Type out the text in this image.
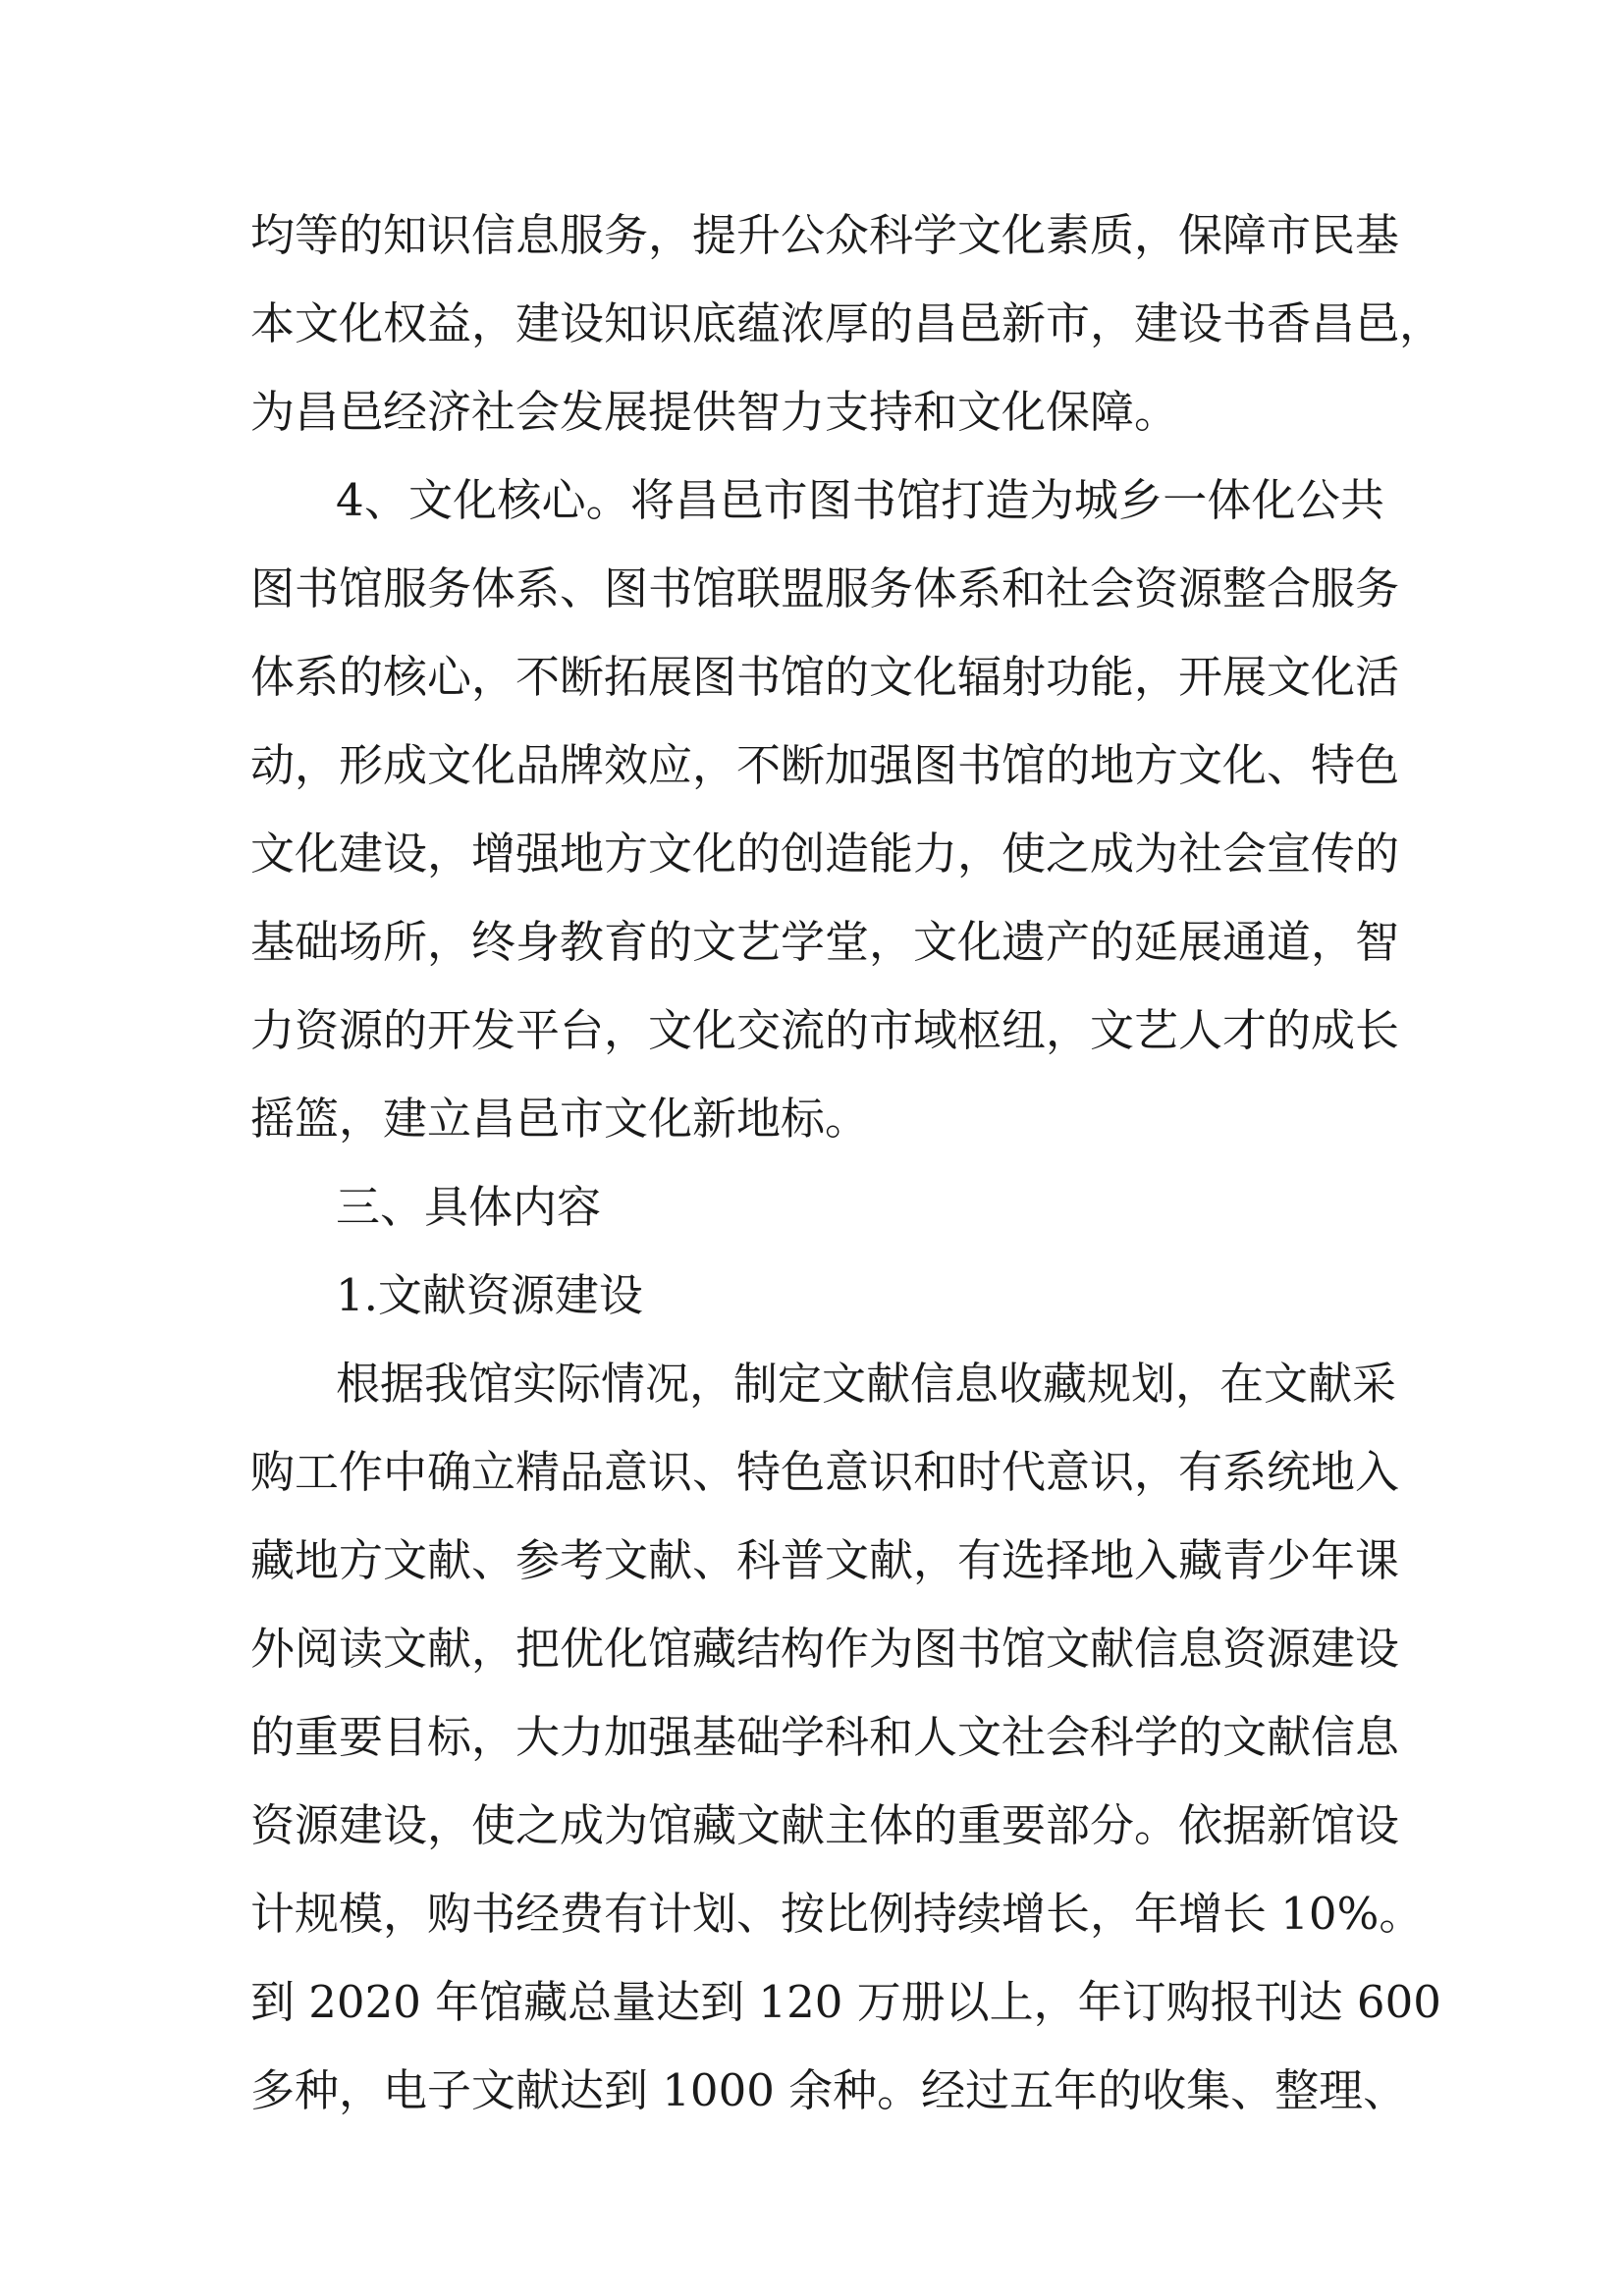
均等的知识信息服务，提升公众科学文化素质，保障市民基
本文化权益，建设知识底蕴浓厚的昌邑新市，建设书香昌邑，
为昌邑经济社会发展提供智力支持和文化保障。
4、文化核心。将昌邑市图书馆打造为城乡一体化公共
图书馆服务体系、图书馆联盟服务体系和社会资源整合服务
体系的核心，不断拓展图书馆的文化辐射功能，开展文化活
动，形成文化品牌效应，不断加强图书馆的地方文化、特色
文化建设，增强地方文化的创造能力，使之成为社会宣传的
基础场所，终身教育的文艺学堂，文化遗产的延展通道，智
力资源的开发平台，文化交流的市域枢纽，文艺人才的成长
摇篮，建立昌邑市文化新地标。
三、具体内容
1.文献资源建设
根据我馆实际情况，制定文献信息收藏规划，在文献采
购工作中确立精品意识、特色意识和时代意识，有系统地入
藏地方文献、参考文献、科普文献，有选择地入藏青少年课
外阅读文献，把优化馆藏结构作为图书馆文献信息资源建设
的重要目标，大力加强基础学科和人文社会科学的文献信息
资源建设，使之成为馆藏文献主体的重要部分。依据新馆设
计规模，购书经费有计划、按比例持续增长，年增长 10%。
到 2020 年馆藏总量达到 120 万册以上，年订购报刊达 600
多种，电子文献达到 1000 余种。经过五年的收集、整理、
